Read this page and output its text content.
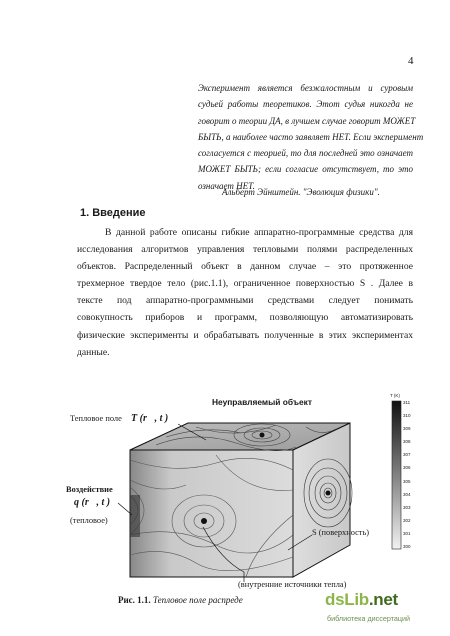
4
Эксперимент является безжалостным и суровым
судьей работы теоретиков. Этот судья никогда не
говорит о теории ДА, в лучшем случае говорит МОЖЕТ
БЫТЬ, а наиболее часто заявляет НЕТ. Если эксперимент
согласуется с теорией, то для последней это означает
МОЖЕТ БЫТЬ; если согласие отсутствует, то это
означает НЕТ.
Альберт Эйнштейн. "Эволюция физики".
1. Введение
В данной работе описаны гибкие аппаратно-программные средства для
исследования алгоритмов управления тепловыми полями распределенных
объектов. Распределенный объект в данном случае – это протяженное
трехмерное твердое тело (рис.1.1), ограниченное поверхностью S . Далее в
тексте под аппаратно-программными средствами следует понимать
совокупность приборов и программ, позволяющую автоматизировать
физические эксперименты и обрабатывать полученные в этих экспериментах
данные.
Неуправляемый объект
Тепловое поле T (r⃗, t )
Воздействие
q (r⃗, t )
(тепловое)
S (поверхность)
(внутренние источники тепла)
T (K)
311
310
309
308
307
306
305
304
303
302
301
300
Рис. 1.1. Тепловое поле распреде	dsLib.net
библиотека диссертаций
